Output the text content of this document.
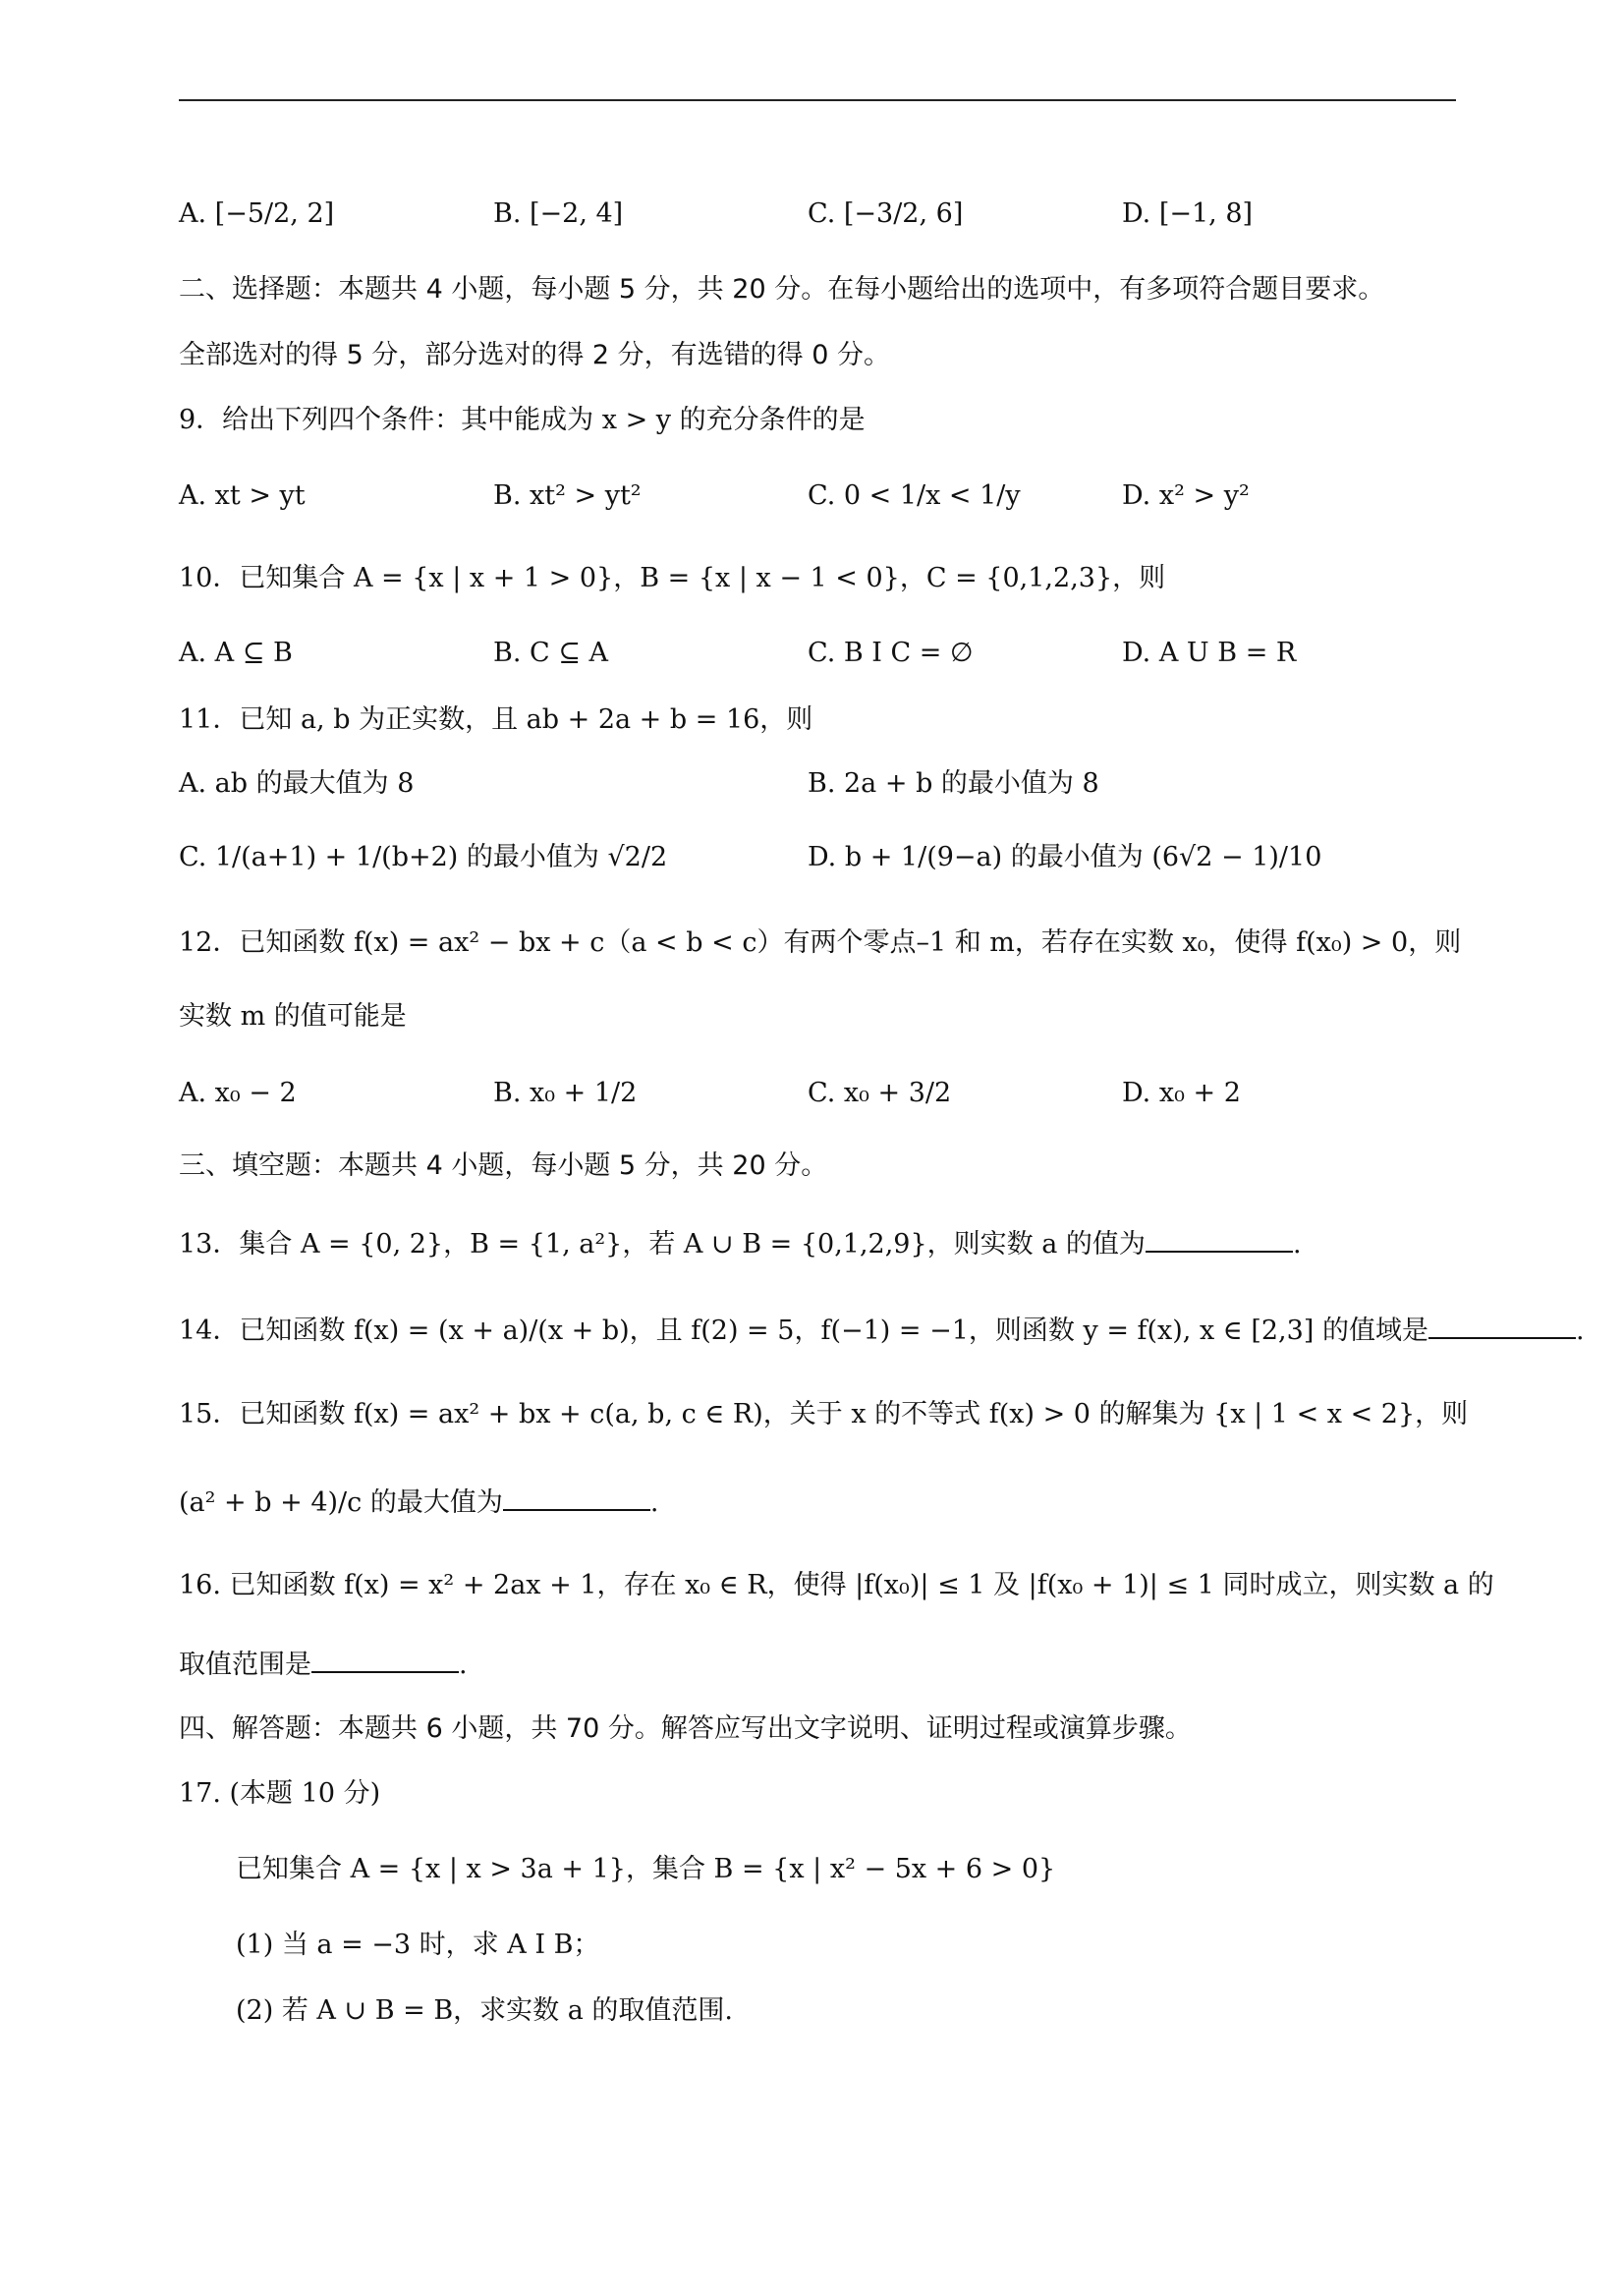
A. [−5/2, 2]	B. [−2, 4]	C. [−3/2, 6]	D. [−1, 8]
二、选择题：本题共 4 小题，每小题 5 分，共 20 分。在每小题给出的选项中，有多项符合题目要求。
全部选对的得 5 分，部分选对的得 2 分，有选错的得 0 分。
9．给出下列四个条件：其中能成为 x > y 的充分条件的是
A. xt > yt	B. xt² > yt²	C. 0 < 1/x < 1/y	D. x² > y²
10．已知集合 A = {x | x + 1 > 0}，B = {x | x − 1 < 0}，C = {0,1,2,3}，则
A. A ⊆ B	B. C ⊆ A	C. B I C = ∅	D. A U B = R
11．已知 a, b 为正实数，且 ab + 2a + b = 16，则
A. ab 的最大值为 8	B. 2a + b 的最小值为 8
C. 1/(a+1) + 1/(b+2) 的最小值为 √2/2	D. b + 1/(9−a) 的最小值为 (6√2 − 1)/10
12．已知函数 f(x) = ax² − bx + c（a < b < c）有两个零点–1 和 m，若存在实数 x₀，使得 f(x₀) > 0，则
实数 m 的值可能是
A. x₀ − 2	B. x₀ + 1/2	C. x₀ + 3/2	D. x₀ + 2
三、填空题：本题共 4 小题，每小题 5 分，共 20 分。
13．集合 A = {0, 2}，B = {1, a²}，若 A ∪ B = {0,1,2,9}，则实数 a 的值为	.
14．已知函数 f(x) = (x + a)/(x + b)，且 f(2) = 5，f(−1) = −1，则函数 y = f(x), x ∈ [2,3] 的值域是	.
15．已知函数 f(x) = ax² + bx + c(a, b, c ∈ R)，关于 x 的不等式 f(x) > 0 的解集为 {x | 1 < x < 2}，则
(a² + b + 4)/c 的最大值为	.
16. 已知函数 f(x) = x² + 2ax + 1，存在 x₀ ∈ R，使得 |f(x₀)| ≤ 1 及 |f(x₀ + 1)| ≤ 1 同时成立，则实数 a 的
取值范围是	.
四、解答题：本题共 6 小题，共 70 分。解答应写出文字说明、证明过程或演算步骤。
17. (本题 10 分)
已知集合 A = {x | x > 3a + 1}，集合 B = {x | x² − 5x + 6 > 0}
(1) 当 a = −3 时，求 A I B；
(2) 若 A ∪ B = B，求实数 a 的取值范围.
